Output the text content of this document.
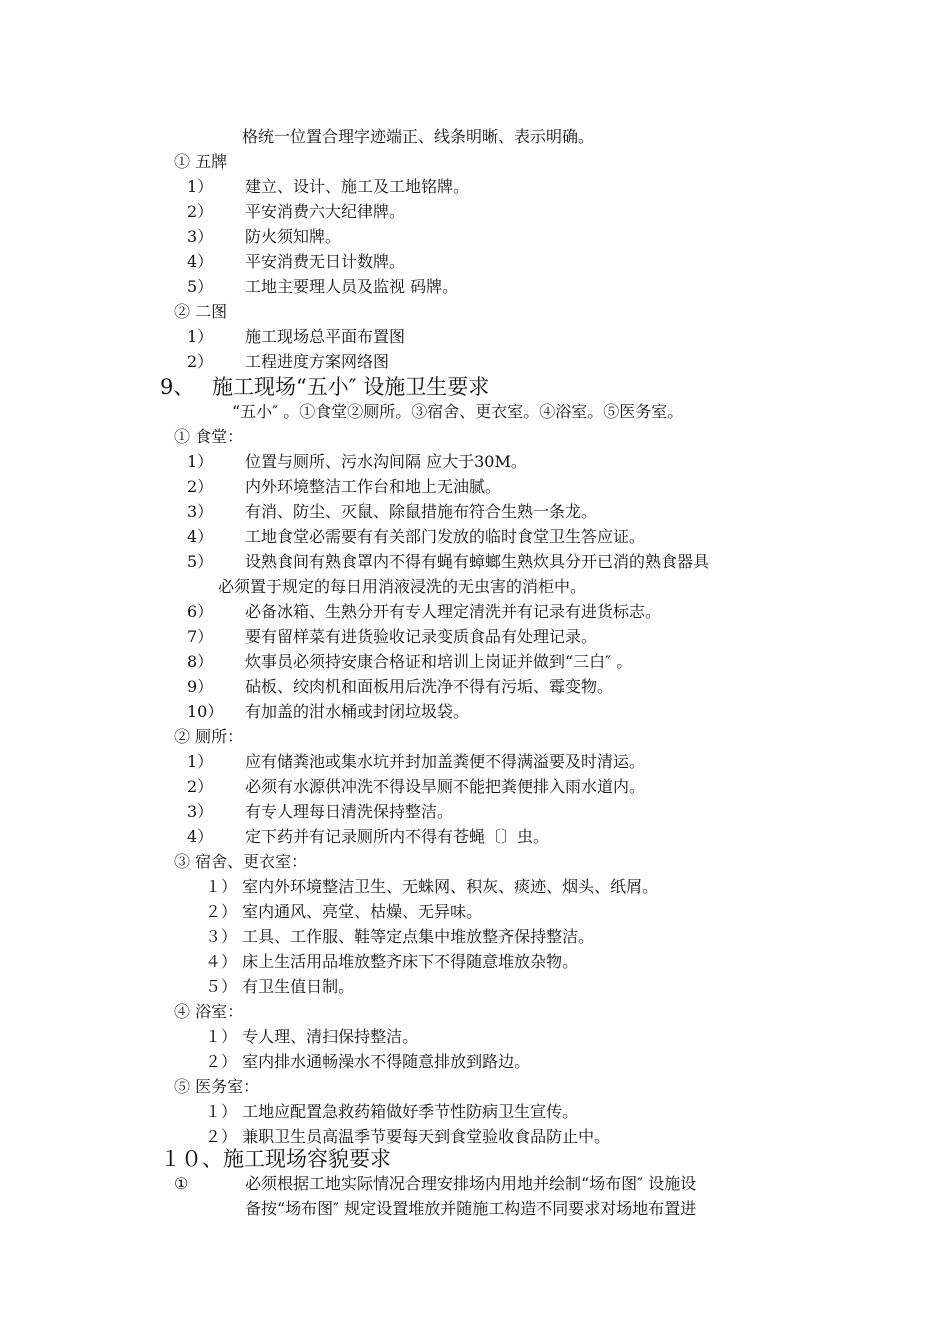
格统一位置合理字迹端正、线条明晰、表示明确。
① 五牌
1） 建立、设计、施工及工地铭牌。
2） 平安消费六大纪律牌。
3） 防火须知牌。
4） 平安消费无日计数牌。
5） 工地主要理人员及监视 码牌。
② 二图
1） 施工现场总平面布置图
2） 工程进度方案网络图
9、 施工现场“五小″ 设施卫生要求
“五小″ 。①食堂②厕所。③宿舍、更衣室。④浴室。⑤医务室。
① 食堂：
1） 位置与厕所、污水沟间隔 应大于30M。
2） 内外环境整洁工作台和地上无油腻。
3） 有消、防尘、灭鼠、除鼠措施布符合生熟一条龙。
4） 工地食堂必需要有有关部门发放的临时食堂卫生答应证。
5） 设熟食间有熟食罩内不得有蝇有蟑螂生熟炊具分开已消的熟食器具
必须置于规定的每日用消液浸洗的无虫害的消柜中。
6） 必备冰箱、生熟分开有专人理定清洗并有记录有进货标志。
7） 要有留样菜有进货验收记录变质食品有处理记录。
8） 炊事员必须持安康合格证和培训上岗证并做到“三白″ 。
9） 砧板、绞肉机和面板用后洗净不得有污垢、霉变物。
10） 有加盖的泔水桶或封闭垃圾袋。
② 厕所：
1） 应有储粪池或集水坑并封加盖粪便不得满溢要及时清运。
2） 必须有水源供冲洗不得设旱厕不能把粪便排入雨水道内。
3） 有专人理每日清洗保持整洁。
4） 定下药并有记录厕所内不得有苍蝇〔〕虫。
③ 宿舍、更衣室：
１） 室内外环境整洁卫生、无蛛网、积灰、痰迹、烟头、纸屑。
２） 室内通风、亮堂、枯燥、无异味。
３） 工具、工作服、鞋等定点集中堆放整齐保持整洁。
４） 床上生活用品堆放整齐床下不得随意堆放杂物。
５） 有卫生值日制。
④ 浴室：
１） 专人理、清扫保持整洁。
２） 室内排水通畅澡水不得随意排放到路边。
⑤ 医务室：
１） 工地应配置急救药箱做好季节性防病卫生宣传。
２） 兼职卫生员高温季节要每天到食堂验收食品防止中。
１０、施工现场容貌要求
①	必须根据工地实际情况合理安排场内用地并绘制“场布图″ 设施设
备按“场布图″ 规定设置堆放并随施工构造不同要求对场地布置进
